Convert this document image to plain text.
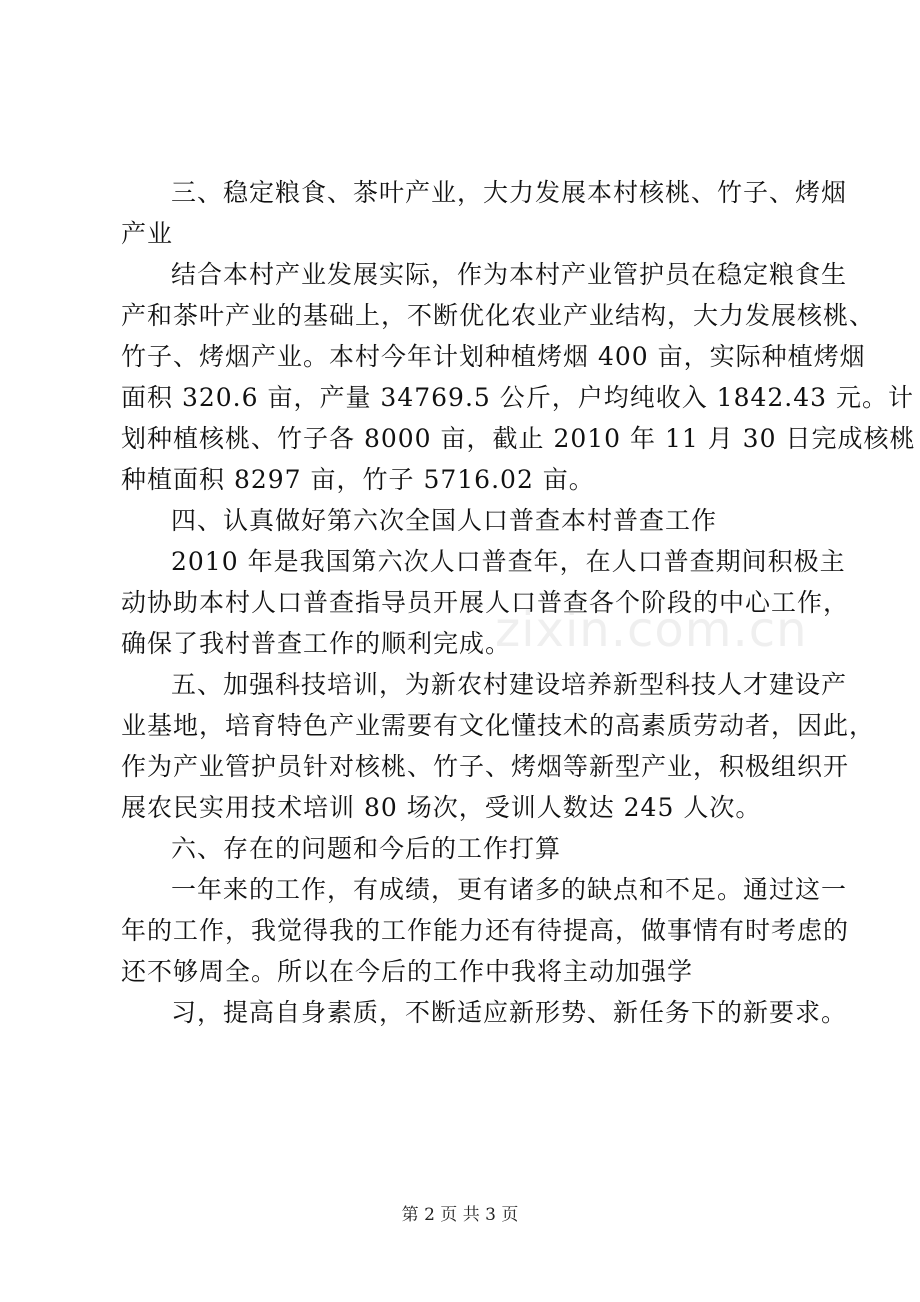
三、稳定粮食、茶叶产业，大力发展本村核桃、竹子、烤烟
产业
结合本村产业发展实际，作为本村产业管护员在稳定粮食生
产和茶叶产业的基础上，不断优化农业产业结构，大力发展核桃、
竹子、烤烟产业。本村今年计划种植烤烟 400 亩，实际种植烤烟
面积 320.6 亩，产量 34769.5 公斤，户均纯收入 1842.43 元。计
划种植核桃、竹子各 8000 亩，截止 2010 年 11 月 30 日完成核桃
种植面积 8297 亩，竹子 5716.02 亩。
四、认真做好第六次全国人口普查本村普查工作
2010 年是我国第六次人口普查年，在人口普查期间积极主
动协助本村人口普查指导员开展人口普查各个阶段的中心工作，
确保了我村普查工作的顺利完成。
五、加强科技培训，为新农村建设培养新型科技人才建设产
业基地，培育特色产业需要有文化懂技术的高素质劳动者，因此，
作为产业管护员针对核桃、竹子、烤烟等新型产业，积极组织开
展农民实用技术培训 80 场次，受训人数达 245 人次。
六、存在的问题和今后的工作打算
一年来的工作，有成绩，更有诸多的缺点和不足。通过这一
年的工作，我觉得我的工作能力还有待提高，做事情有时考虑的
还不够周全。所以在今后的工作中我将主动加强学
习，提高自身素质，不断适应新形势、新任务下的新要求。
zixin.com.cn
第 2 页 共 3 页
